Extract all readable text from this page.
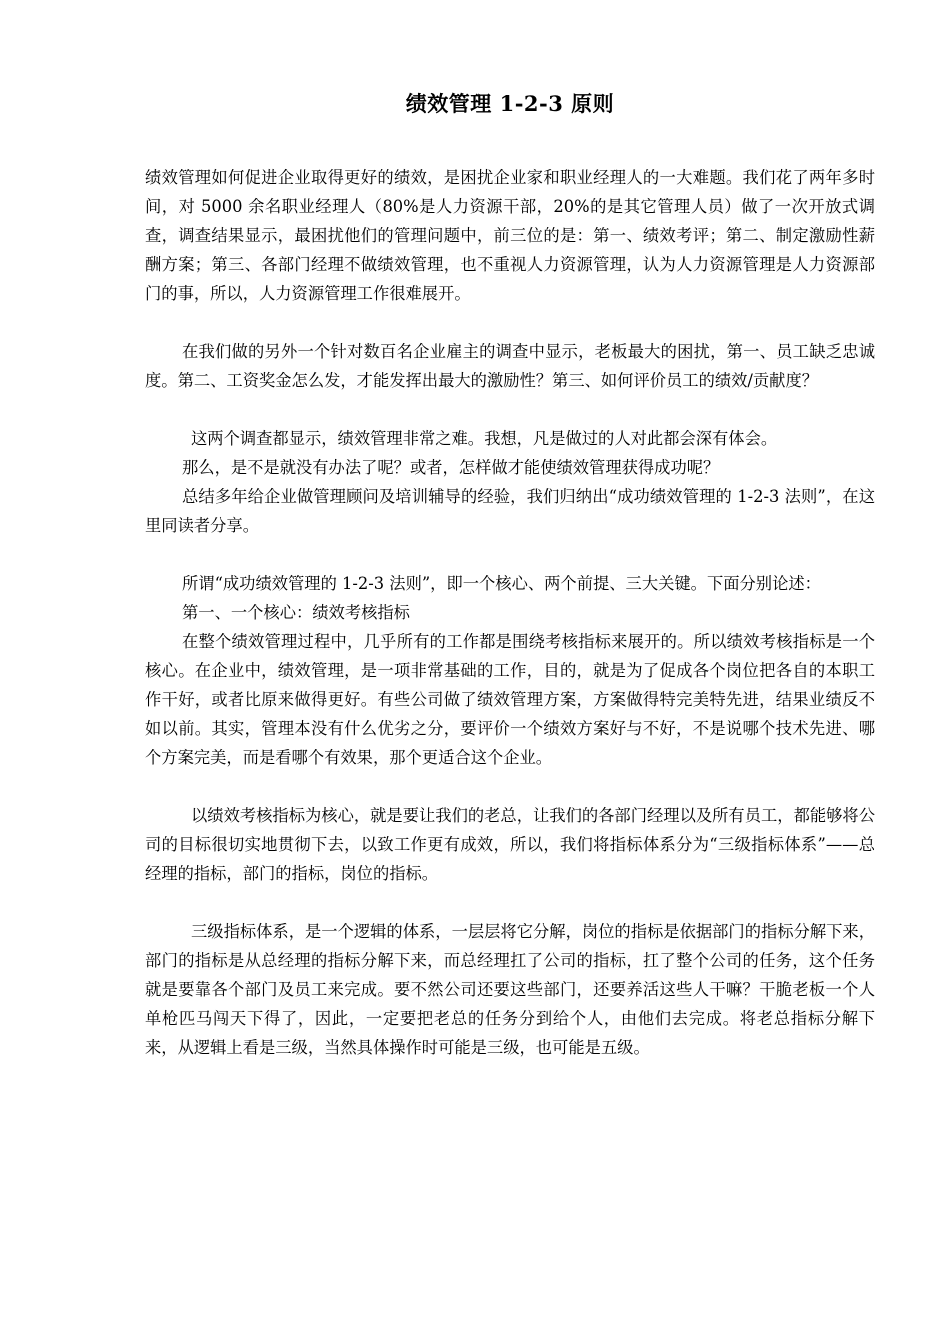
绩效管理 1-2-3 原则

绩效管理如何促进企业取得更好的绩效，是困扰企业家和职业经理人的一大难题。我们花了两年多时间，对 5000 余名职业经理人（80%是人力资源干部，20%的是其它管理人员）做了一次开放式调查，调查结果显示，最困扰他们的管理问题中，前三位的是：第一、绩效考评；第二、制定激励性薪酬方案；第三、各部门经理不做绩效管理，也不重视人力资源管理，认为人力资源管理是人力资源部门的事，所以，人力资源管理工作很难展开。

在我们做的另外一个针对数百名企业雇主的调查中显示，老板最大的困扰，第一、员工缺乏忠诚度。第二、工资奖金怎么发，才能发挥出最大的激励性？第三、如何评价员工的绩效/贡献度？

这两个调查都显示，绩效管理非常之难。我想，凡是做过的人对此都会深有体会。

那么，是不是就没有办法了呢？或者，怎样做才能使绩效管理获得成功呢？

总结多年给企业做管理顾问及培训辅导的经验，我们归纳出“成功绩效管理的 1-2-3 法则”，在这里同读者分享。

所谓“成功绩效管理的 1-2-3 法则”，即一个核心、两个前提、三大关键。下面分别论述：

第一、一个核心：绩效考核指标

在整个绩效管理过程中，几乎所有的工作都是围绕考核指标来展开的。所以绩效考核指标是一个核心。在企业中，绩效管理，是一项非常基础的工作，目的，就是为了促成各个岗位把各自的本职工作干好，或者比原来做得更好。有些公司做了绩效管理方案，方案做得特完美特先进，结果业绩反不如以前。其实，管理本没有什么优劣之分，要评价一个绩效方案好与不好，不是说哪个技术先进、哪个方案完美，而是看哪个有效果，那个更适合这个企业。

以绩效考核指标为核心，就是要让我们的老总，让我们的各部门经理以及所有员工，都能够将公司的目标很切实地贯彻下去，以致工作更有成效，所以，我们将指标体系分为“三级指标体系”——总经理的指标，部门的指标，岗位的指标。

三级指标体系，是一个逻辑的体系，一层层将它分解，岗位的指标是依据部门的指标分解下来，部门的指标是从总经理的指标分解下来，而总经理扛了公司的指标，扛了整个公司的任务，这个任务就是要靠各个部门及员工来完成。要不然公司还要这些部门，还要养活这些人干嘛？干脆老板一个人单枪匹马闯天下得了，因此，一定要把老总的任务分到给个人，由他们去完成。将老总指标分解下来，从逻辑上看是三级，当然具体操作时可能是三级，也可能是五级。
